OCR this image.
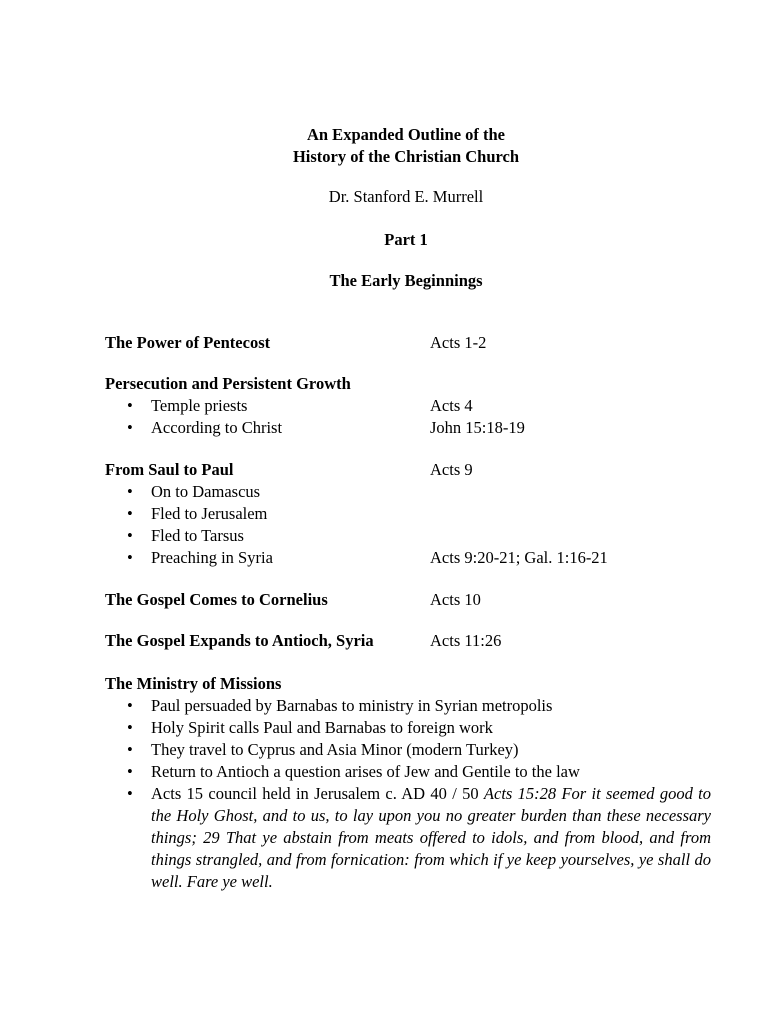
An Expanded Outline of the
History of the Christian Church
Dr. Stanford E. Murrell
Part 1
The Early Beginnings
The Power of Pentecost	Acts 1-2
Persecution and Persistent Growth
• Temple priests	Acts 4
• According to Christ	John 15:18-19
From Saul to Paul	Acts 9
• On to Damascus
• Fled to Jerusalem
• Fled to Tarsus
• Preaching in Syria	Acts 9:20-21; Gal. 1:16-21
The Gospel Comes to Cornelius	Acts 10
The Gospel Expands to Antioch, Syria	Acts 11:26
The Ministry of Missions
• Paul persuaded by Barnabas to ministry in Syrian metropolis
• Holy Spirit calls Paul and Barnabas to foreign work
• They travel to Cyprus and Asia Minor (modern Turkey)
• Return to Antioch a question arises of Jew and Gentile to the law
• Acts 15 council held in Jerusalem c. AD 40 / 50 Acts 15:28 For it seemed good to the Holy Ghost, and to us, to lay upon you no greater burden than these necessary things; 29 That ye abstain from meats offered to idols, and from blood, and from things strangled, and from fornication: from which if ye keep yourselves, ye shall do well. Fare ye well.
